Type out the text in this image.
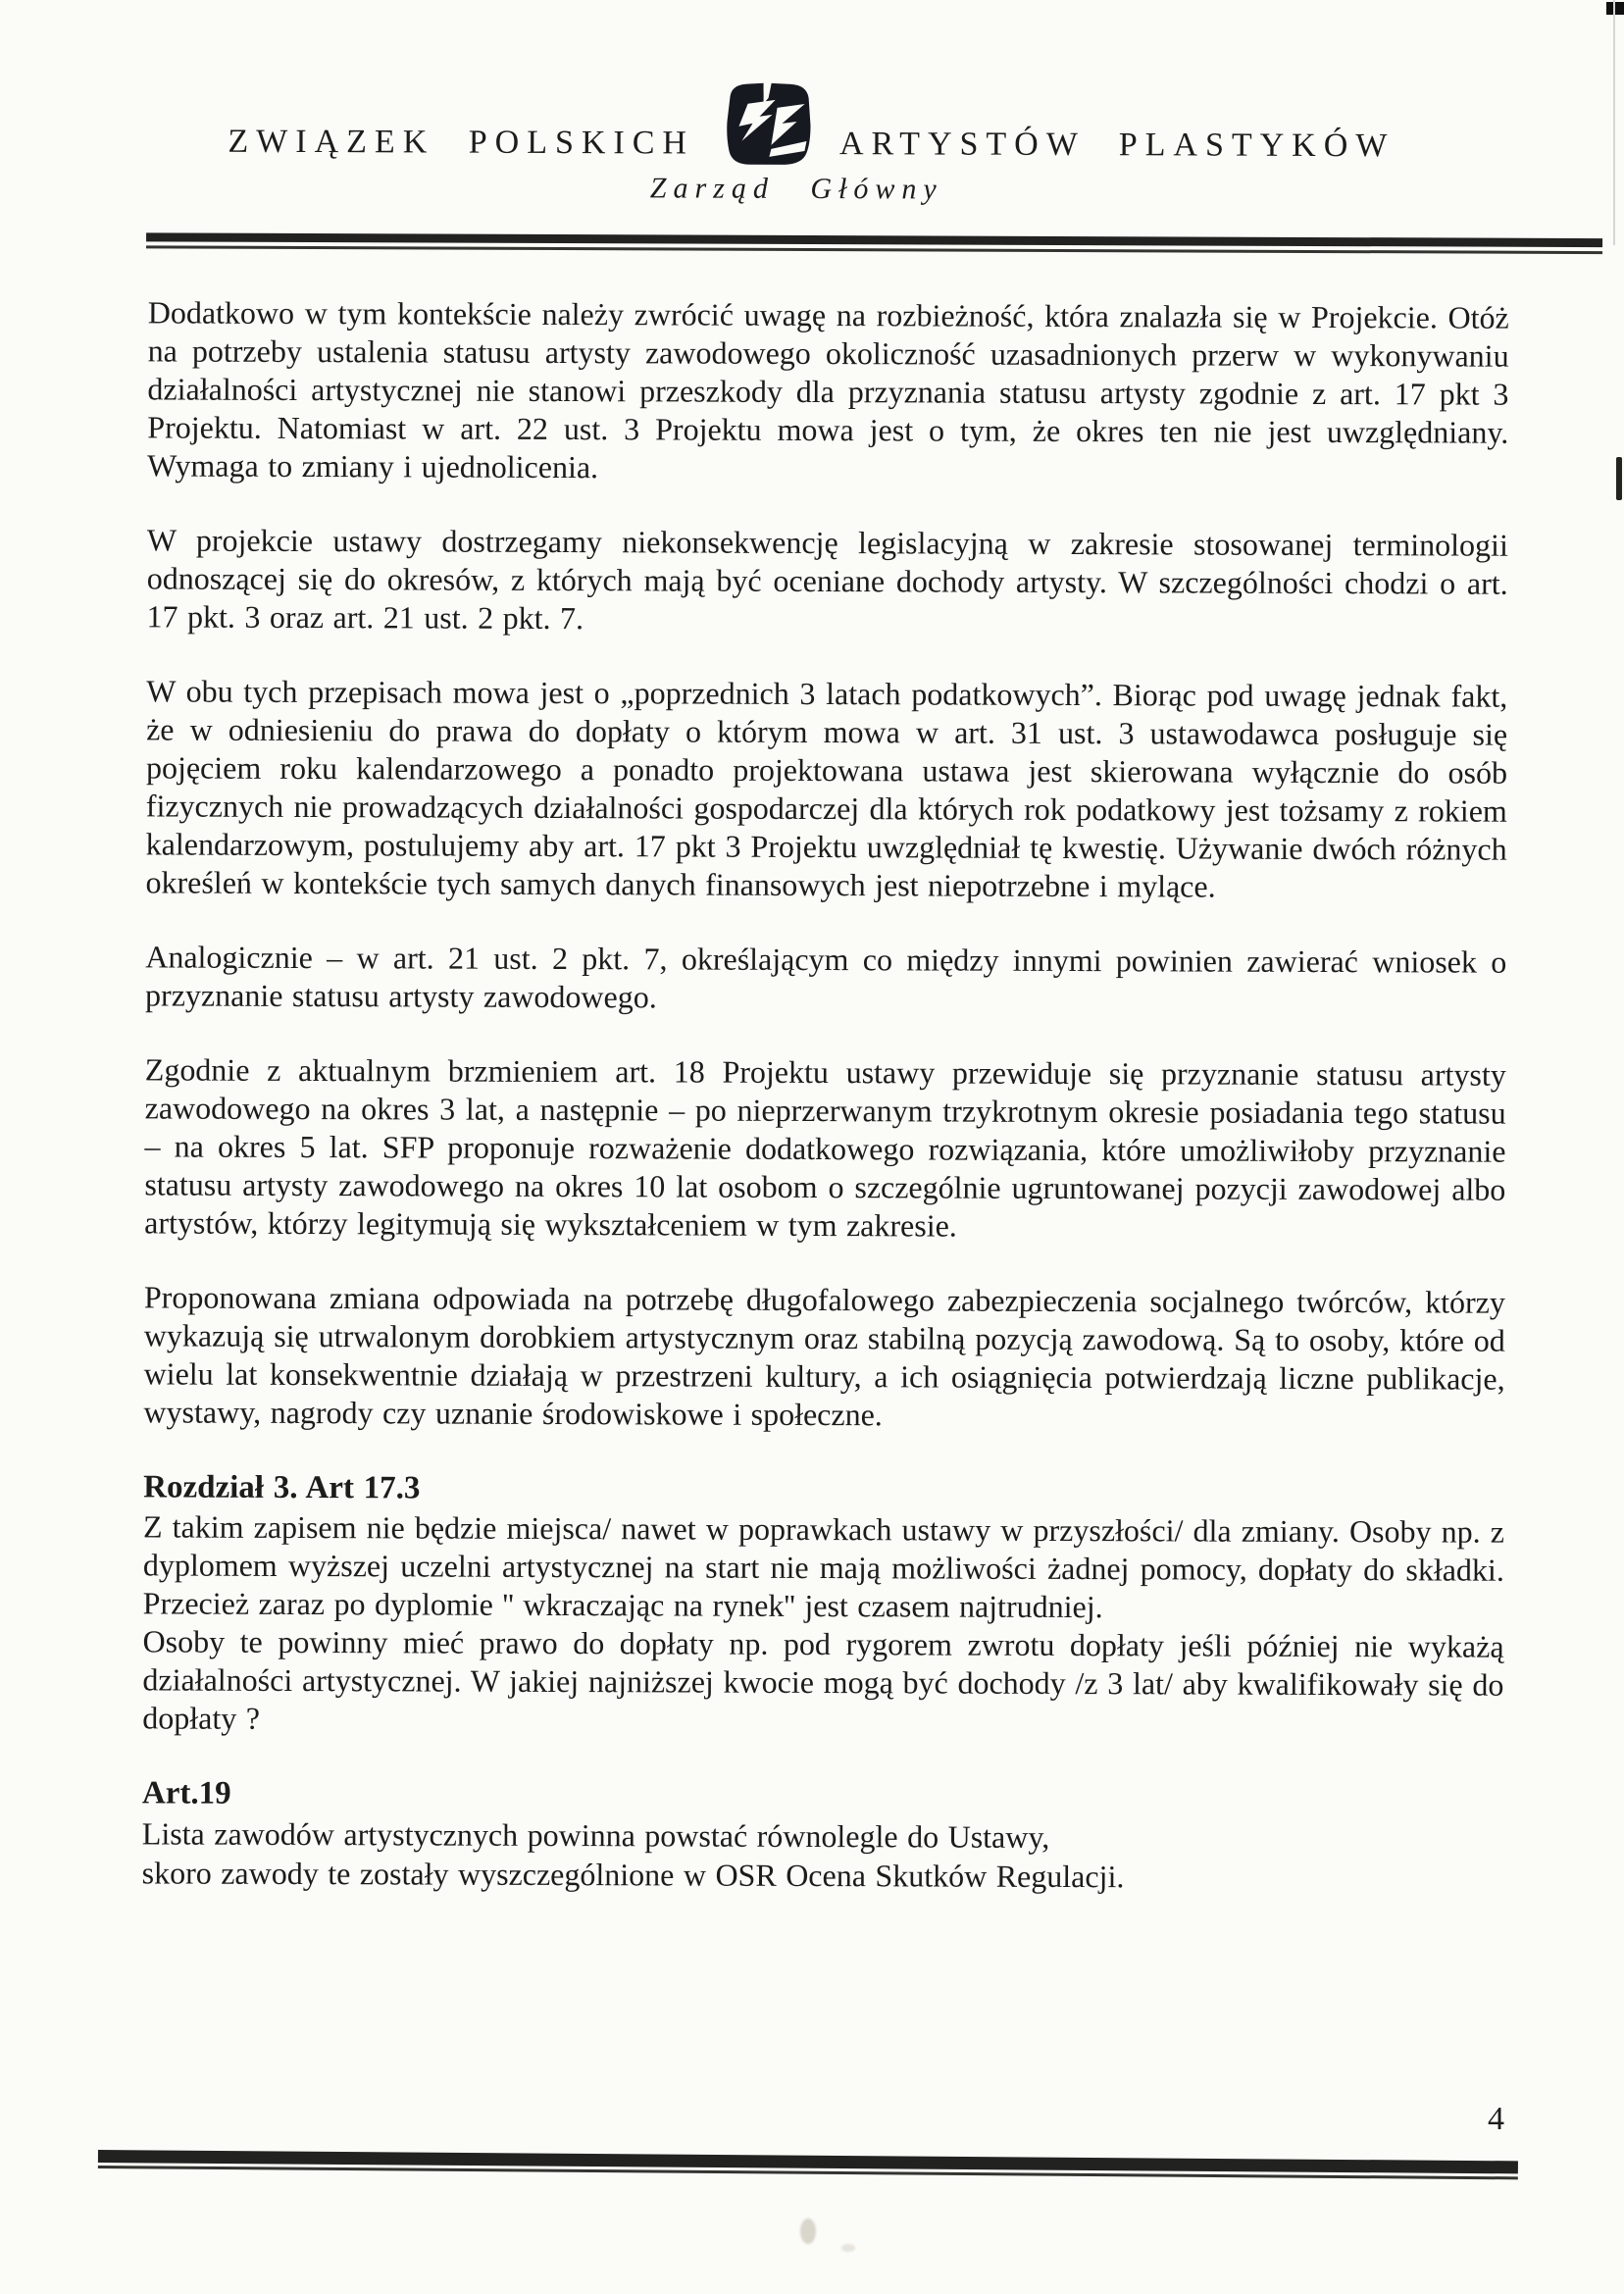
ZWIĄZEK POLSKICH	ARTYSTÓW PLASTYKÓW
Zarząd Główny

Dodatkowo w tym kontekście należy zwrócić uwagę na rozbieżność, która znalazła się w Projekcie. Otóż na potrzeby ustalenia statusu artysty zawodowego okoliczność uzasadnionych przerw w wykonywaniu działalności artystycznej nie stanowi przeszkody dla przyznania statusu artysty zgodnie z art. 17 pkt 3 Projektu. Natomiast w art. 22 ust. 3 Projektu mowa jest o tym, że okres ten nie jest uwzględniany. Wymaga to zmiany i ujednolicenia.

W projekcie ustawy dostrzegamy niekonsekwencję legislacyjną w zakresie stosowanej terminologii odnoszącej się do okresów, z których mają być oceniane dochody artysty. W szczególności chodzi o art. 17 pkt. 3 oraz art. 21 ust. 2 pkt. 7.

W obu tych przepisach mowa jest o „poprzednich 3 latach podatkowych”. Biorąc pod uwagę jednak fakt, że w odniesieniu do prawa do dopłaty o którym mowa w art. 31 ust. 3 ustawodawca posługuje się pojęciem roku kalendarzowego a ponadto projektowana ustawa jest skierowana wyłącznie do osób fizycznych nie prowadzących działalności gospodarczej dla których rok podatkowy jest tożsamy z rokiem kalendarzowym, postulujemy aby art. 17 pkt 3 Projektu uwzględniał tę kwestię. Używanie dwóch różnych określeń w kontekście tych samych danych finansowych jest niepotrzebne i mylące.

Analogicznie – w art. 21 ust. 2 pkt. 7, określającym co między innymi powinien zawierać wniosek o przyznanie statusu artysty zawodowego.

Zgodnie z aktualnym brzmieniem art. 18 Projektu ustawy przewiduje się przyznanie statusu artysty zawodowego na okres 3 lat, a następnie – po nieprzerwanym trzykrotnym okresie posiadania tego statusu – na okres 5 lat. SFP proponuje rozważenie dodatkowego rozwiązania, które umożliwiłoby przyznanie statusu artysty zawodowego na okres 10 lat osobom o szczególnie ugruntowanej pozycji zawodowej albo artystów, którzy legitymują się wykształceniem w tym zakresie.

Proponowana zmiana odpowiada na potrzebę długofalowego zabezpieczenia socjalnego twórców, którzy wykazują się utrwalonym dorobkiem artystycznym oraz stabilną pozycją zawodową. Są to osoby, które od wielu lat konsekwentnie działają w przestrzeni kultury, a ich osiągnięcia potwierdzają liczne publikacje, wystawy, nagrody czy uznanie środowiskowe i społeczne.

Rozdział 3. Art 17.3

Z takim zapisem nie będzie miejsca/ nawet w poprawkach ustawy w przyszłości/ dla zmiany. Osoby np. z dyplomem wyższej uczelni artystycznej na start nie mają możliwości żadnej pomocy, dopłaty do składki. Przecież zaraz po dyplomie '' wkraczając na rynek'' jest czasem najtrudniej.

Osoby te powinny mieć prawo do dopłaty np. pod rygorem zwrotu dopłaty jeśli później nie wykażą działalności artystycznej. W jakiej najniższej kwocie mogą być dochody /z 3 lat/ aby kwalifikowały się do dopłaty ?

Art.19
Lista zawodów artystycznych powinna powstać równolegle do Ustawy,
skoro zawody te zostały wyszczególnione w OSR Ocena Skutków Regulacji.
4
